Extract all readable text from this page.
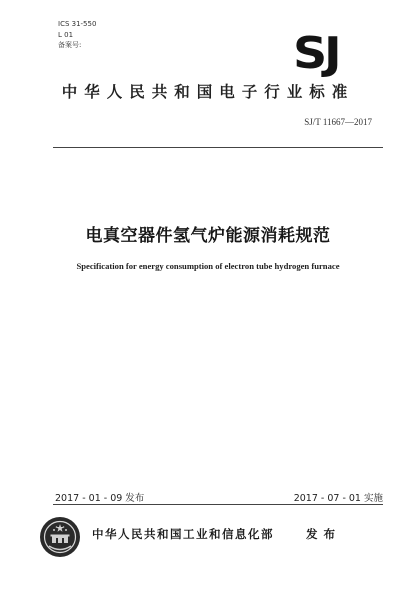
ICS 31-550
L 01
备案号:	SJ
中华人民共和国电子行业标准
SJ/T 11667—2017
电真空器件氢气炉能源消耗规范
Specification for energy consumption of electron tube hydrogen furnace
2017 - 01 - 09 发布	2017 - 07 - 01 实施
中华人民共和国工业和信息化部	发布
